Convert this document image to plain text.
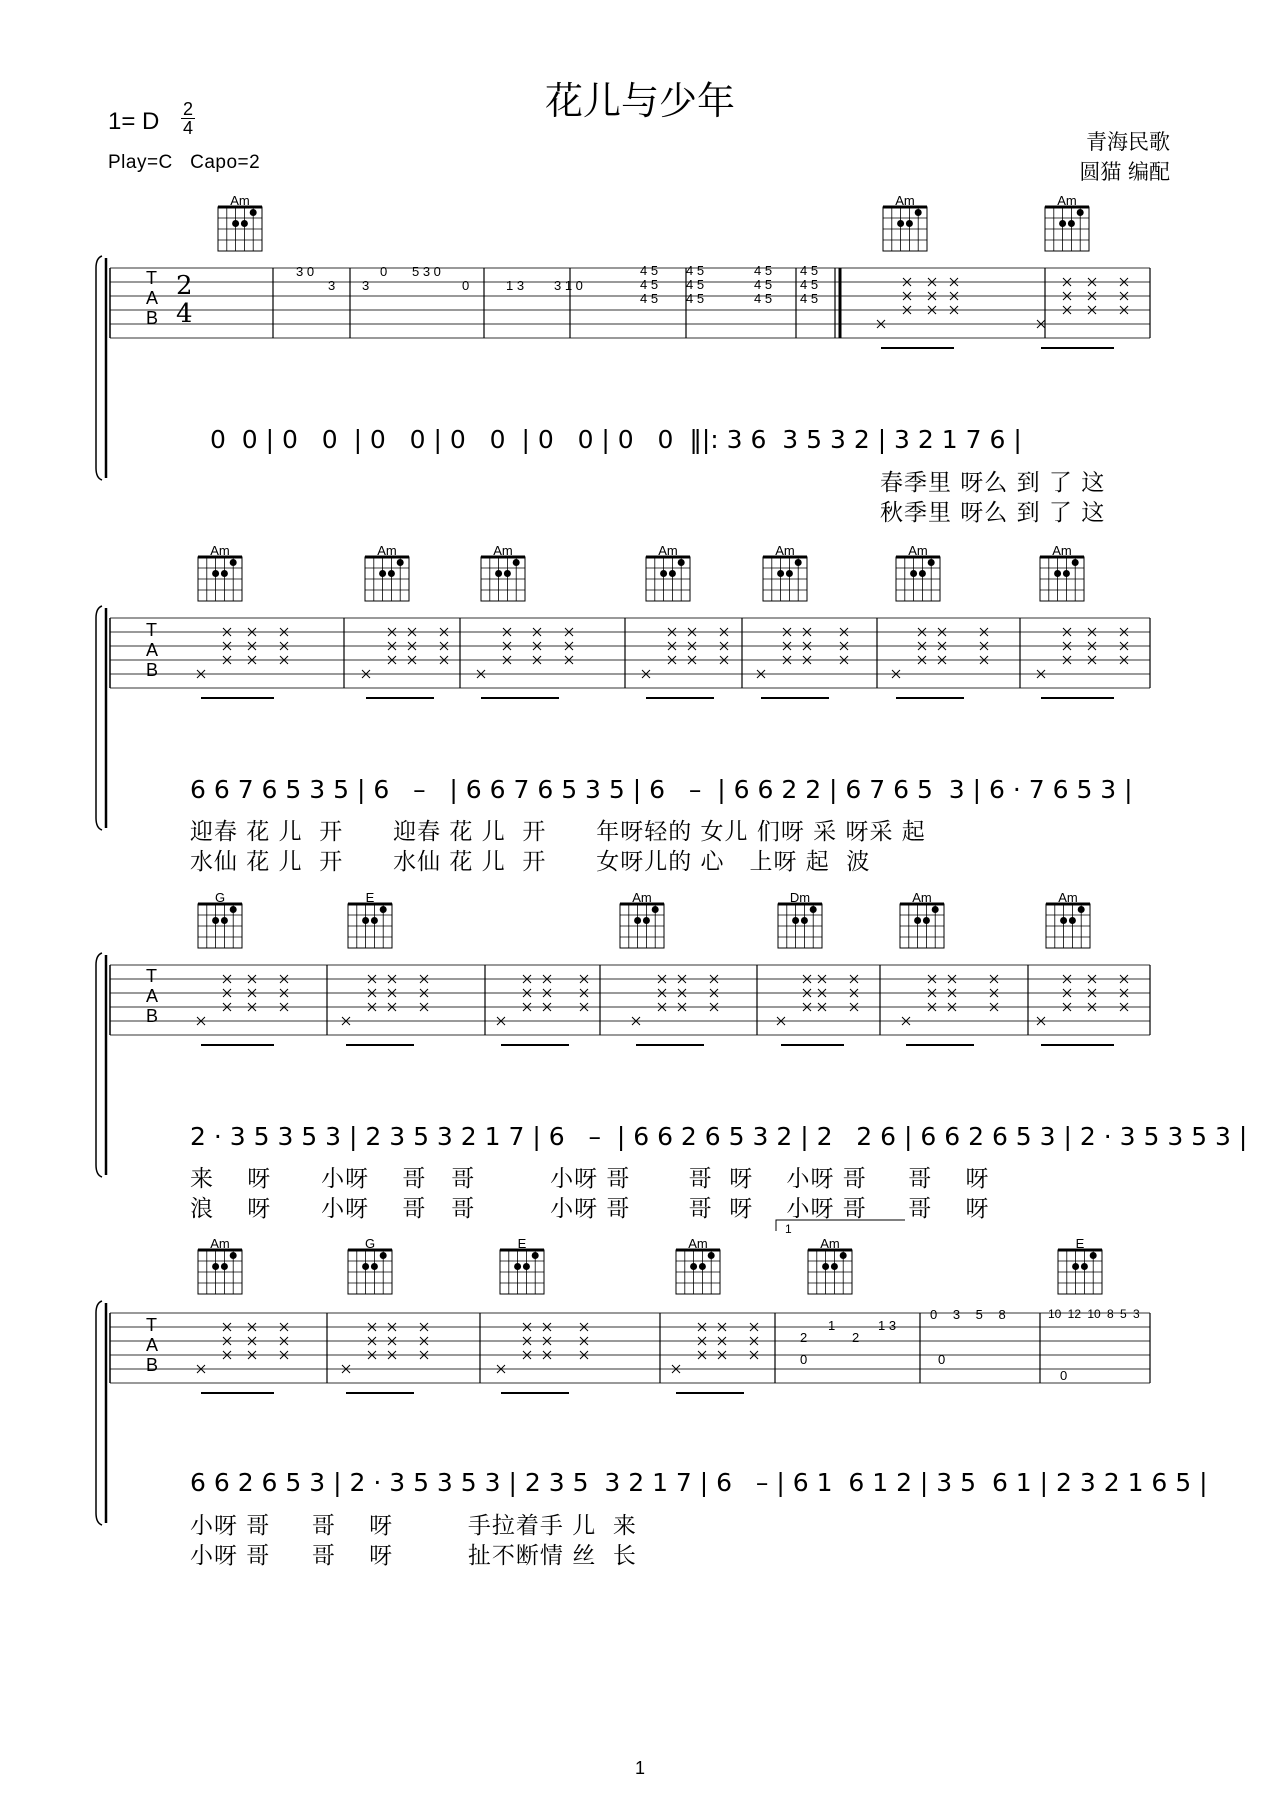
花儿与少年
1= D 2
4
Play=C   Capo=2
青海民歌
圆猫 编配
T
A
B
2
4
T
A
B
T
A
B
T
A
B
3 0
3 3
0 5 3 0
0	1 3 3 1 0
4 5
4 5
4 5
4 5
4 5
4 5
4 5
4 5
4 5
4 5
4 5
4 5
2
1
2
1 3
0
0 3 5 8
0
10 12 10 8 5 3
0
Am	Am	Am
Am	Am	Am	Am	Am	Am	Am
G	E	Am	Dm	Am	Am
Am	G	E	Am	Am	E
0  0 | 0   0  | 0   0 | 0   0  | 0   0 | 0   0  ‖|: 3 6  3 5 3 2 | 3 2 1 7 6 |
6 6 7 6 5 3 5 | 6   –   | 6 6 7 6 5 3 5 | 6   –  | 6 6 2 2 | 6 7 6 5  3 | 6 · 7 6 5 3 |
2 · 3 5 3 5 3 | 2 3 5 3 2 1 7 | 6   –  | 6 6 2 6 5 3 2 | 2   2 6 | 6 6 2 6 5 3 | 2 · 3 5 3 5 3 |
6 6 2 6 5 3 | 2 · 3 5 3 5 3 | 2 3 5  3 2 1 7 | 6   – | 6 1  6 1 2 | 3 5  6 1 | 2 3 2 1 6 5 |
春季里 呀么 到 了 这
秋季里 呀么 到 了 这
迎春 花 儿  开      迎春 花 儿  开      年呀轻的 女儿 们呀 采 呀采 起
水仙 花 儿  开      水仙 花 儿  开      女呀儿的 心   上呀 起  波
来    呀      小呀    哥   哥         小呀 哥       哥  呀    小呀 哥     哥    呀
浪    呀      小呀    哥   哥         小呀 哥       哥  呀    小呀 哥     哥    呀
小呀 哥     哥    呀         手拉着手 儿  来
小呀 哥     哥    呀         扯不断情 丝  长
1
1
